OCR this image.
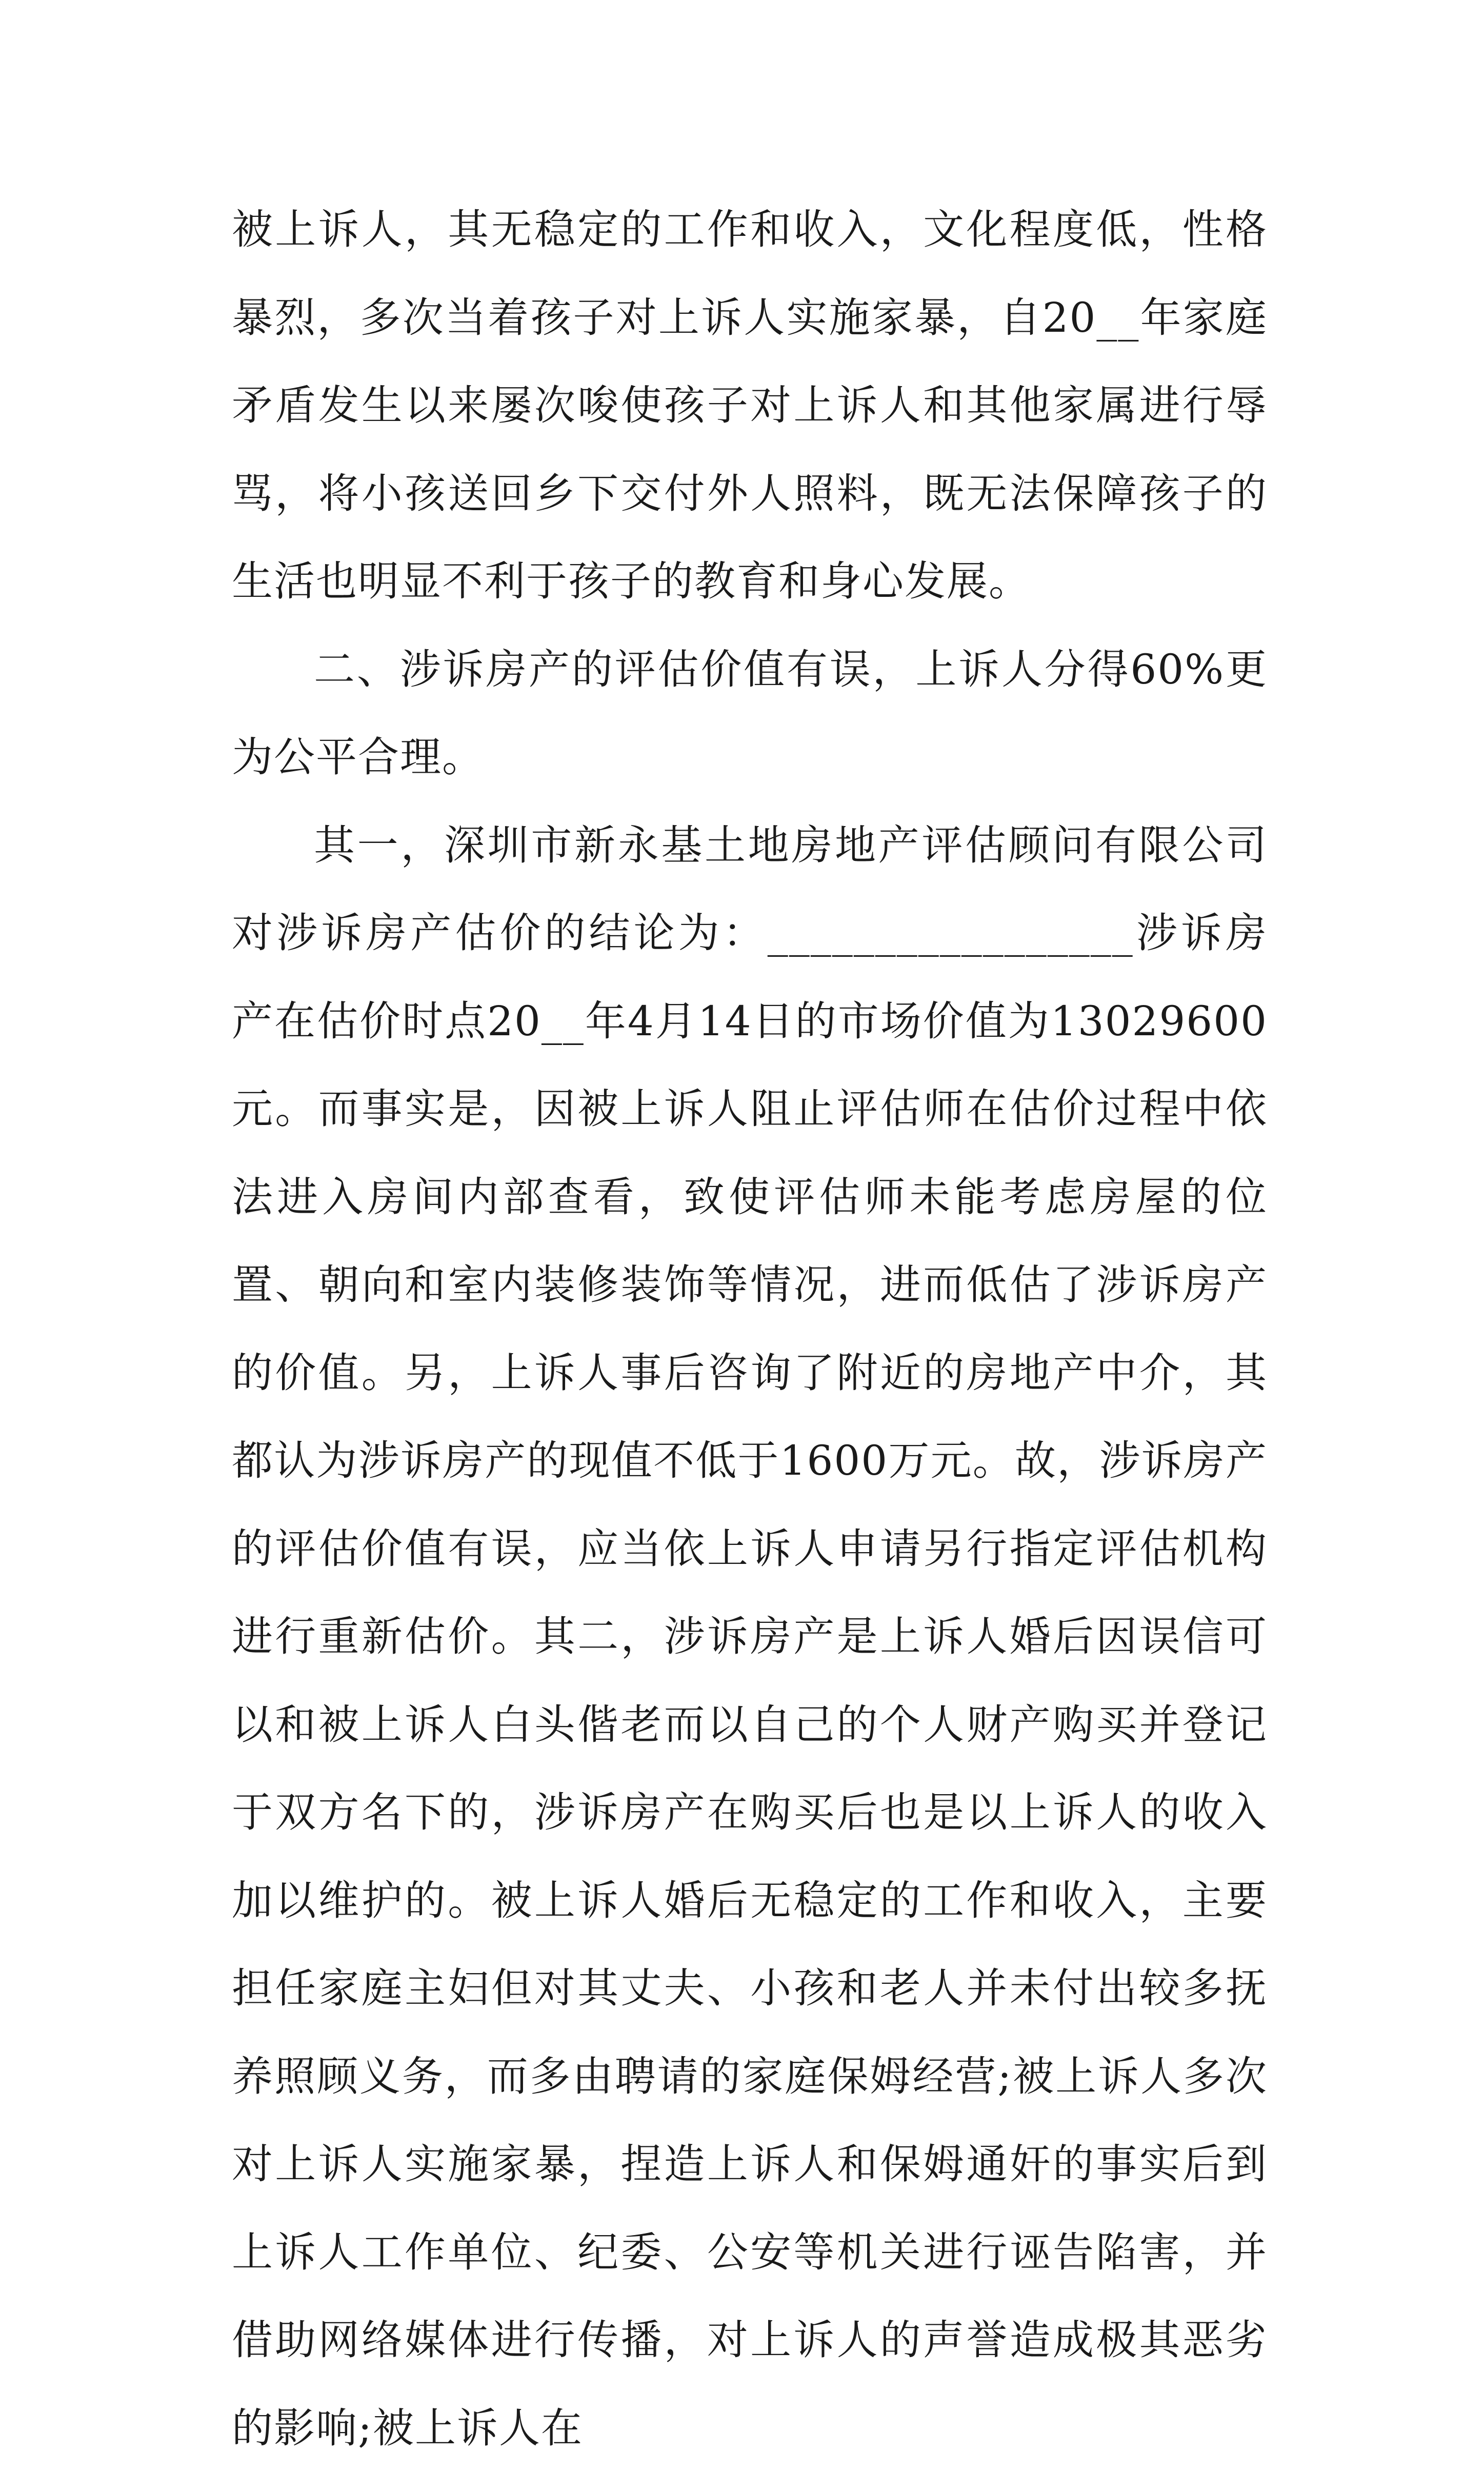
被上诉人，其无稳定的工作和收入，文化程度低，性格暴烈，多次当着孩子对上诉人实施家暴，自20__年家庭矛盾发生以来屡次唆使孩子对上诉人和其他家属进行辱骂，将小孩送回乡下交付外人照料，既无法保障孩子的生活也明显不利于孩子的教育和身心发展。

二、涉诉房产的评估价值有误，上诉人分得60%更为公平合理。

其一，深圳市新永基土地房地产评估顾问有限公司对涉诉房产估价的结论为：_________________涉诉房产在估价时点20__年4月14日的市场价值为13029600元。而事实是，因被上诉人阻止评估师在估价过程中依法进入房间内部查看，致使评估师未能考虑房屋的位置、朝向和室内装修装饰等情况，进而低估了涉诉房产的价值。另，上诉人事后咨询了附近的房地产中介，其都认为涉诉房产的现值不低于1600万元。故，涉诉房产的评估价值有误，应当依上诉人申请另行指定评估机构进行重新估价。其二，涉诉房产是上诉人婚后因误信可以和被上诉人白头偕老而以自己的个人财产购买并登记于双方名下的，涉诉房产在购买后也是以上诉人的收入加以维护的。被上诉人婚后无稳定的工作和收入，主要担任家庭主妇但对其丈夫、小孩和老人并未付出较多抚养照顾义务，而多由聘请的家庭保姆经营;被上诉人多次对上诉人实施家暴，捏造上诉人和保姆通奸的事实后到上诉人工作单位、纪委、公安等机关进行诬告陷害，并借助网络媒体进行传播，对上诉人的声誉造成极其恶劣的影响;被上诉人在
